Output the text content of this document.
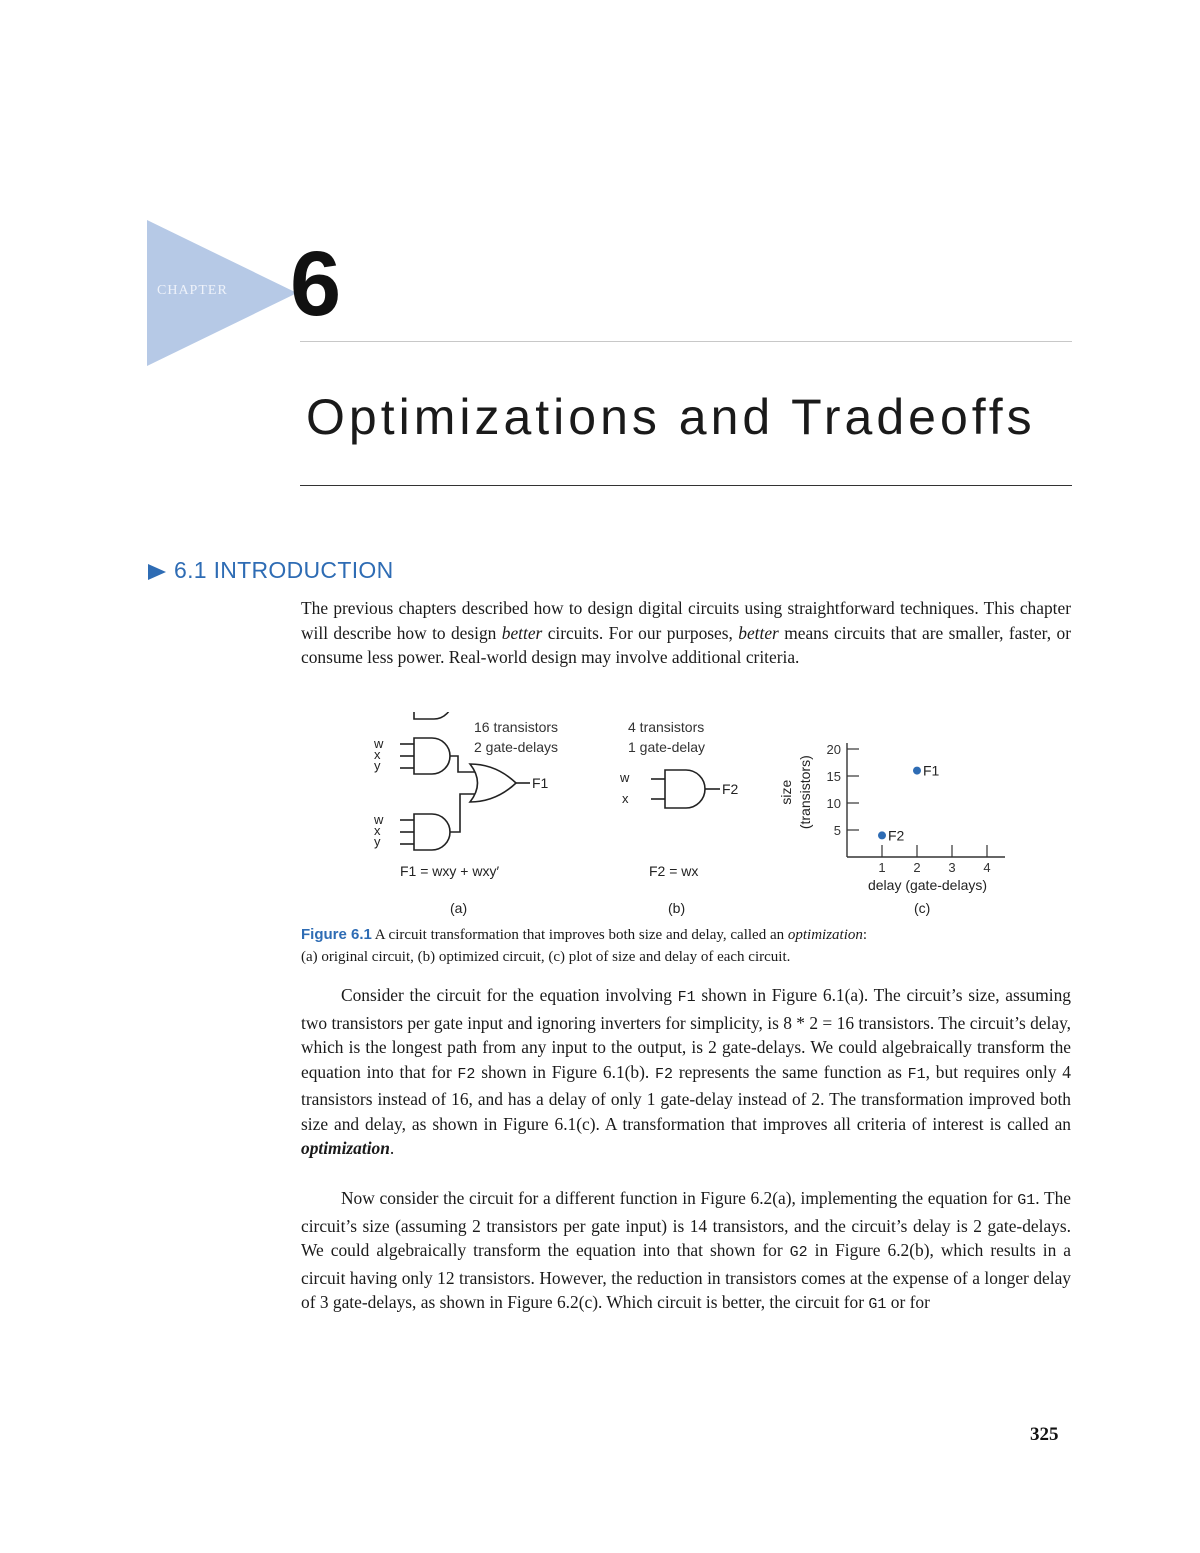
CHAPTER 6
Optimizations and Tradeoffs
6.1 INTRODUCTION

The previous chapters described how to design digital circuits using straightforward techniques. This chapter will describe how to design better circuits. For our purposes, better means circuits that are smaller, faster, or consume less power. Real-world design may involve additional criteria.

16 transistors
2 gate-delays
w
x
y
w
x
y
F1
F1 = wxy + wxy′
(a)
4 transistors
1 gate-delay
w
x
F2
F2 = wx
(b)
5
10
15
20
1 2 3 4
delay (gate-delays)
size (transistors)	F1
F2
(c)
Figure 6.1 A circuit transformation that improves both size and delay, called an optimization:
(a) original circuit, (b) optimized circuit, (c) plot of size and delay of each circuit.

Consider the circuit for the equation involving F1 shown in Figure 6.1(a). The circuit’s size, assuming two transistors per gate input and ignoring inverters for simplicity, is 8 * 2 = 16 transistors. The circuit’s delay, which is the longest path from any input to the output, is 2 gate-delays. We could algebraically transform the equation into that for F2 shown in Figure 6.1(b). F2 represents the same function as F1, but requires only 4 transistors instead of 16, and has a delay of only 1 gate-delay instead of 2. The transformation improved both size and delay, as shown in Figure 6.1(c). A transformation that improves all criteria of interest is called an optimization.

Now consider the circuit for a different function in Figure 6.2(a), implementing the equation for G1. The circuit’s size (assuming 2 transistors per gate input) is 14 transistors, and the circuit’s delay is 2 gate-delays. We could algebraically transform the equation into that shown for G2 in Figure 6.2(b), which results in a circuit having only 12 transistors. However, the reduction in transistors comes at the expense of a longer delay of 3 gate-delays, as shown in Figure 6.2(c). Which circuit is better, the circuit for G1 or for

325
